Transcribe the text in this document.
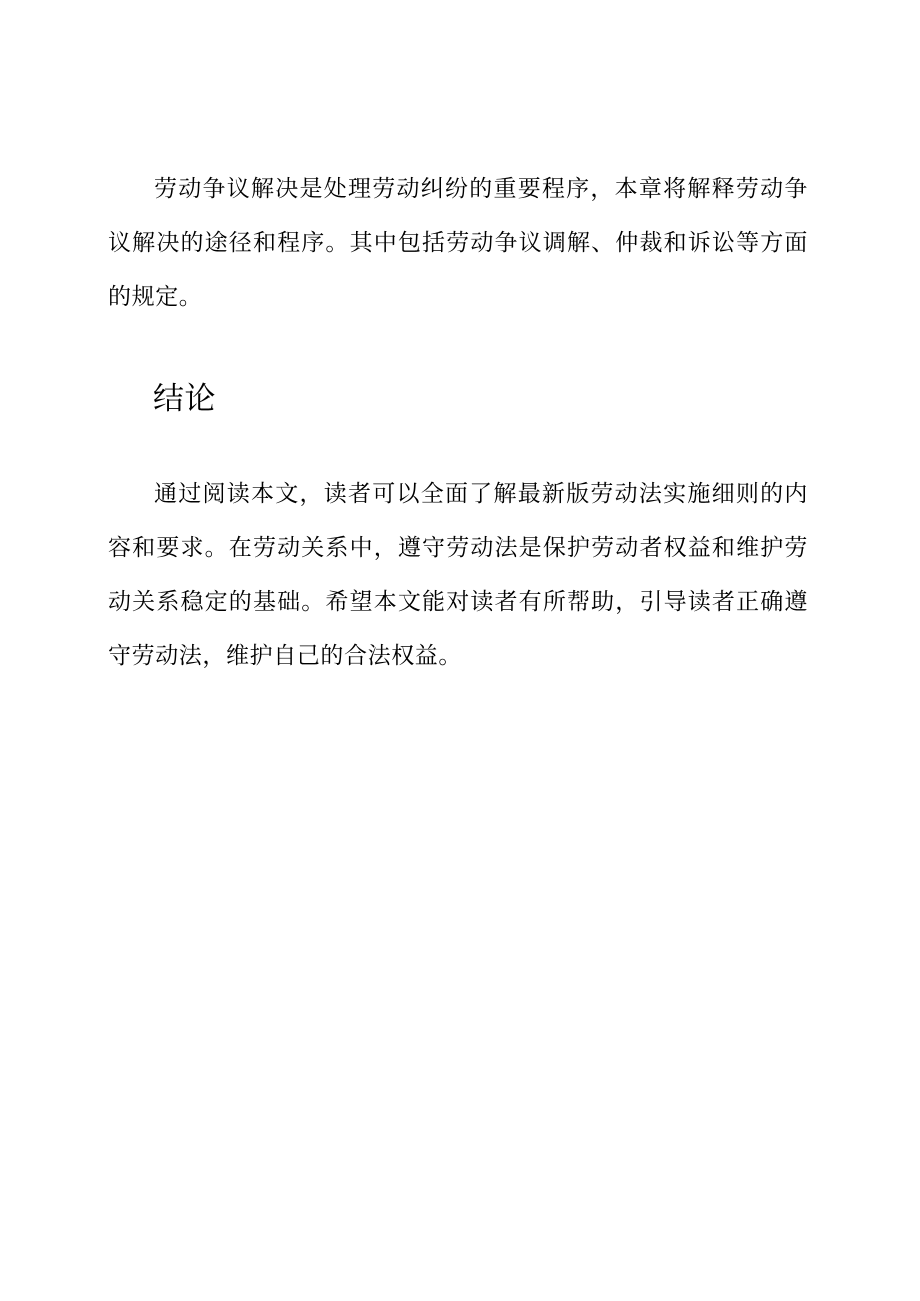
劳动争议解决是处理劳动纠纷的重要程序，本章将解释劳动争议解决的途径和程序。其中包括劳动争议调解、仲裁和诉讼等方面的规定。

结论

通过阅读本文，读者可以全面了解最新版劳动法实施细则的内容和要求。在劳动关系中，遵守劳动法是保护劳动者权益和维护劳动关系稳定的基础。希望本文能对读者有所帮助，引导读者正确遵守劳动法，维护自己的合法权益。
